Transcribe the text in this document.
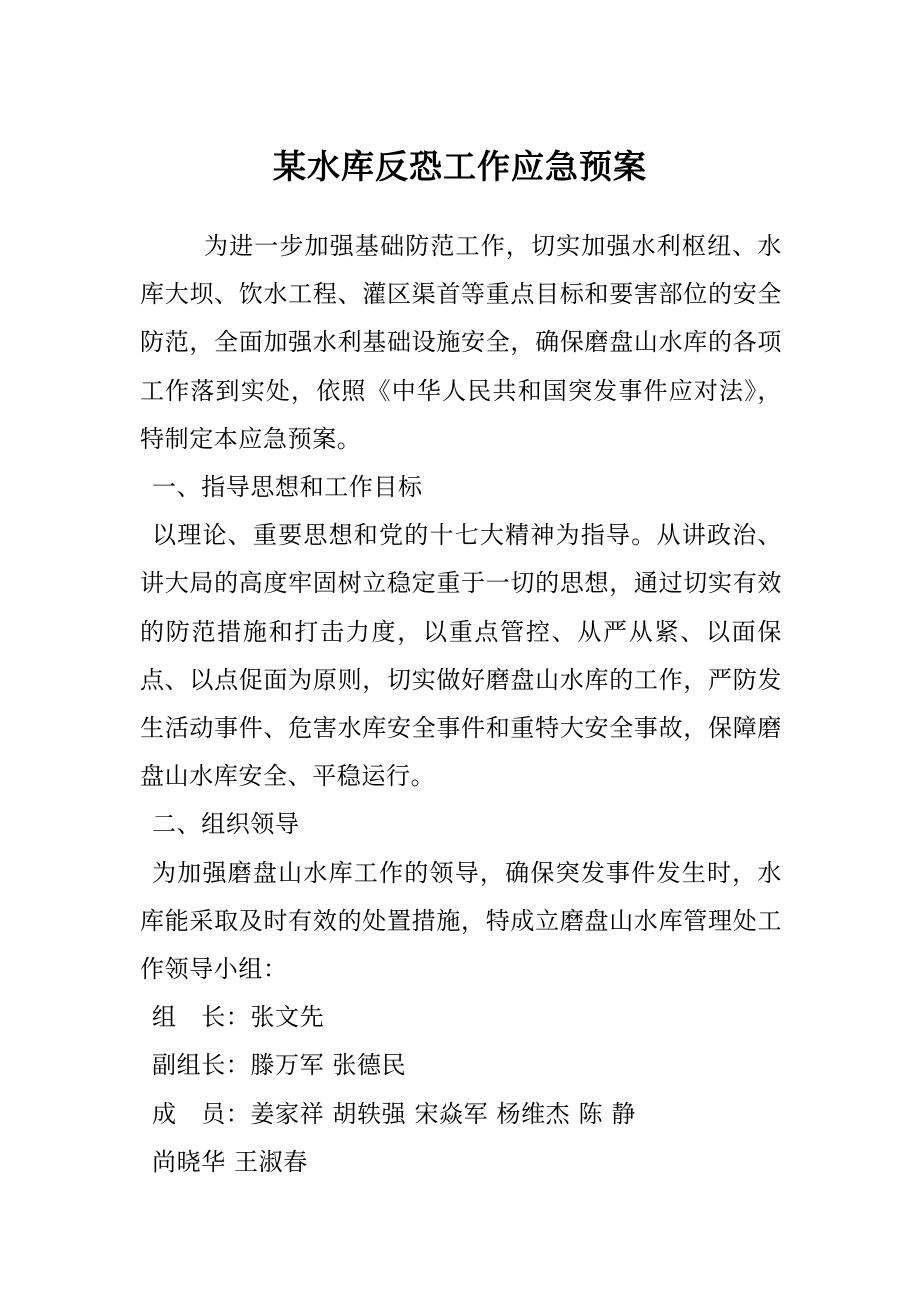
某水库反恐工作应急预案

为进一步加强基础防范工作，切实加强水利枢纽、水库大坝、饮水工程、灌区渠首等重点目标和要害部位的安全防范，全面加强水利基础设施安全，确保磨盘山水库的各项工作落到实处，依照《中华人民共和国突发事件应对法》，特制定本应急预案。

一、指导思想和工作目标

以理论、重要思想和党的十七大精神为指导。从讲政治、讲大局的高度牢固树立稳定重于一切的思想，通过切实有效的防范措施和打击力度，以重点管控、从严从紧、以面保点、以点促面为原则，切实做好磨盘山水库的工作，严防发生活动事件、危害水库安全事件和重特大安全事故，保障磨盘山水库安全、平稳运行。

二、组织领导

为加强磨盘山水库工作的领导，确保突发事件发生时，水库能采取及时有效的处置措施，特成立磨盘山水库管理处工作领导小组：

组　长：张文先

副组长：滕万军 张德民

成　员：姜家祥 胡轶强 宋焱军 杨维杰 陈 静

尚晓华 王淑春
